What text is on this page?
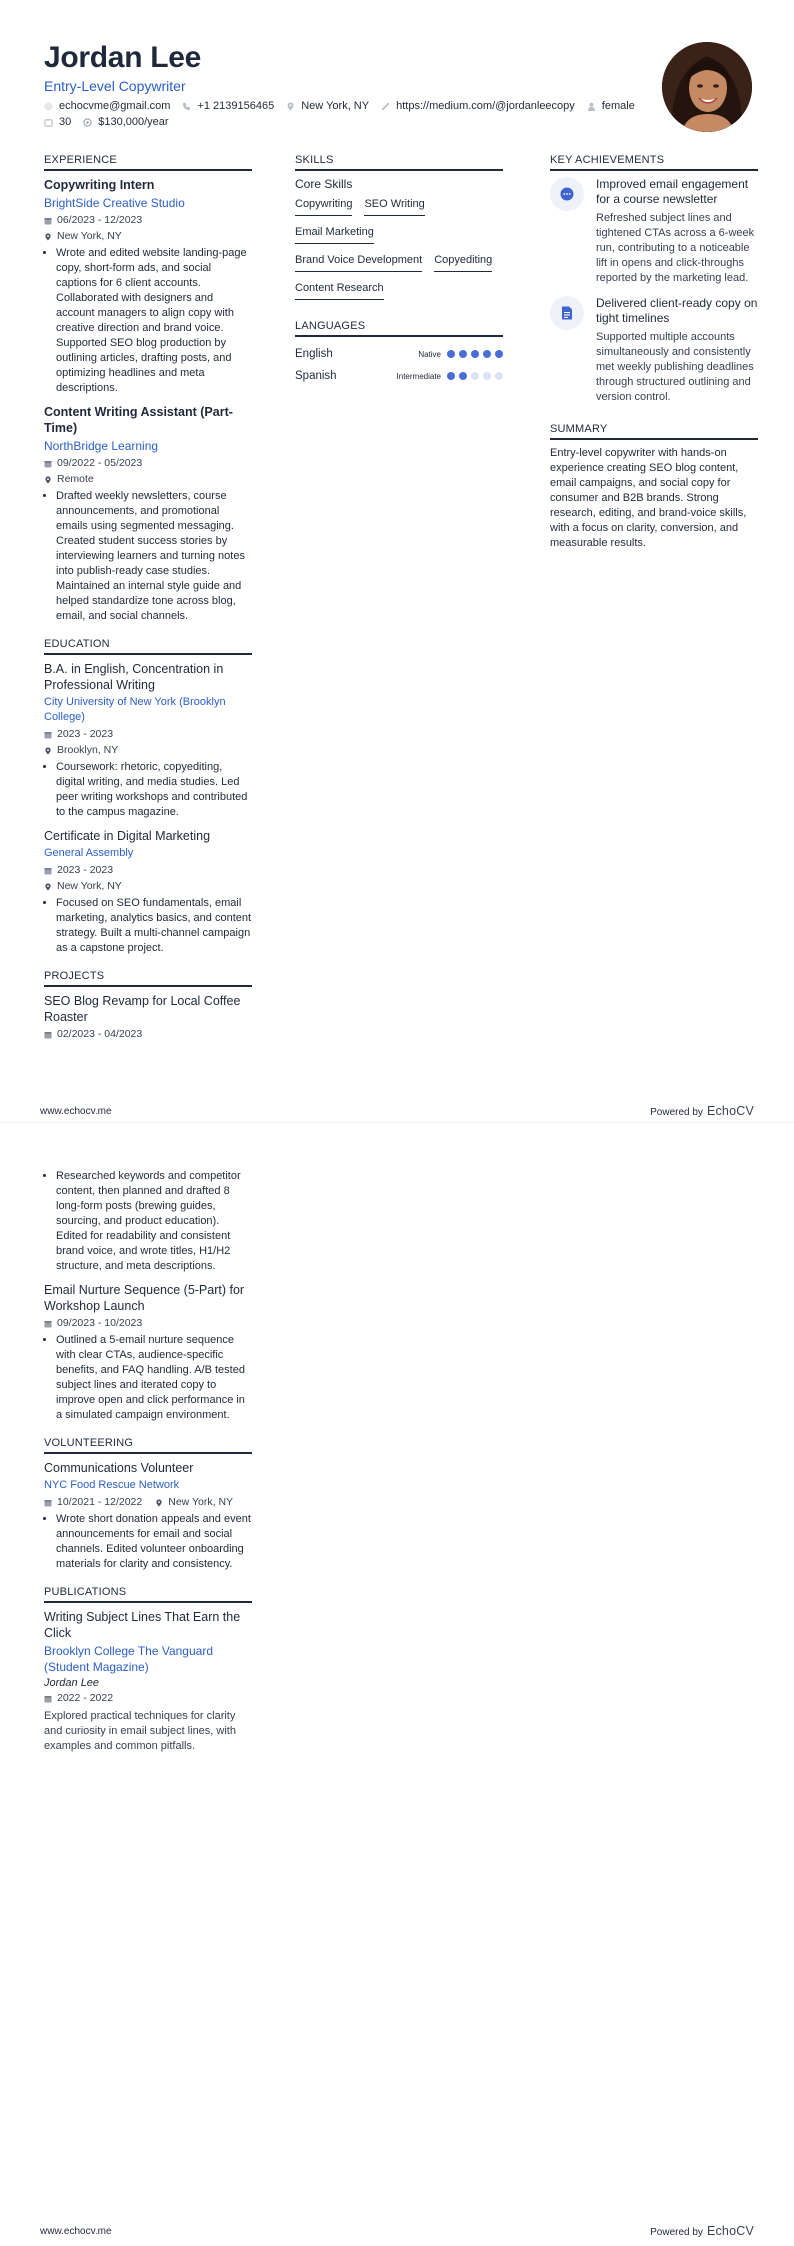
Jordan Lee
Entry-Level Copywriter
echocvme@gmail.com +1 2139156465 New York, NY https://medium.com/@jordanleecopy female
30 $130,000/year
EXPERIENCE
Copywriting Intern
BrightSide Creative Studio
06/2023 - 12/2023
New York, NY
• Wrote and edited website landing-page copy, short-form ads, and social captions for 6 client accounts. Collaborated with designers and account managers to align copy with creative direction and brand voice. Supported SEO blog production by outlining articles, drafting posts, and optimizing headlines and meta descriptions.
Content Writing Assistant (Part-Time)
NorthBridge Learning
09/2022 - 05/2023
Remote
• Drafted weekly newsletters, course announcements, and promotional emails using segmented messaging. Created student success stories by interviewing learners and turning notes into publish-ready case studies. Maintained an internal style guide and helped standardize tone across blog, email, and social channels.
EDUCATION
B.A. in English, Concentration in Professional Writing
City University of New York (Brooklyn College)
2023 - 2023
Brooklyn, NY
• Coursework: rhetoric, copyediting, digital writing, and media studies. Led peer writing workshops and contributed to the campus magazine.
Certificate in Digital Marketing
General Assembly
2023 - 2023
New York, NY
• Focused on SEO fundamentals, email marketing, analytics basics, and content strategy. Built a multi-channel campaign as a capstone project.
PROJECTS
SEO Blog Revamp for Local Coffee Roaster
02/2023 - 04/2023
SKILLS
Core Skills
Copywriting SEO Writing
Email Marketing
Brand Voice Development Copyediting
Content Research
LANGUAGES
English	Native
Spanish	Intermediate
KEY ACHIEVEMENTS
Improved email engagement for a course newsletter
Refreshed subject lines and tightened CTAs across a 6-week run, contributing to a noticeable lift in opens and click-throughs reported by the marketing lead.
Delivered client-ready copy on tight timelines
Supported multiple accounts simultaneously and consistently met weekly publishing deadlines through structured outlining and version control.
SUMMARY
Entry-level copywriter with hands-on experience creating SEO blog content, email campaigns, and social copy for consumer and B2B brands. Strong research, editing, and brand-voice skills, with a focus on clarity, conversion, and measurable results.
www.echocv.me	Powered by EchoCV
• Researched keywords and competitor content, then planned and drafted 8 long-form posts (brewing guides, sourcing, and product education). Edited for readability and consistent brand voice, and wrote titles, H1/H2 structure, and meta descriptions.
Email Nurture Sequence (5-Part) for Workshop Launch
09/2023 - 10/2023
• Outlined a 5-email nurture sequence with clear CTAs, audience-specific benefits, and FAQ handling. A/B tested subject lines and iterated copy to improve open and click performance in a simulated campaign environment.
VOLUNTEERING
Communications Volunteer
NYC Food Rescue Network
10/2021 - 12/2022 New York, NY
• Wrote short donation appeals and event announcements for email and social channels. Edited volunteer onboarding materials for clarity and consistency.
PUBLICATIONS
Writing Subject Lines That Earn the Click
Brooklyn College The Vanguard (Student Magazine)
Jordan Lee
2022 - 2022
Explored practical techniques for clarity and curiosity in email subject lines, with examples and common pitfalls.
www.echocv.me	Powered by EchoCV
